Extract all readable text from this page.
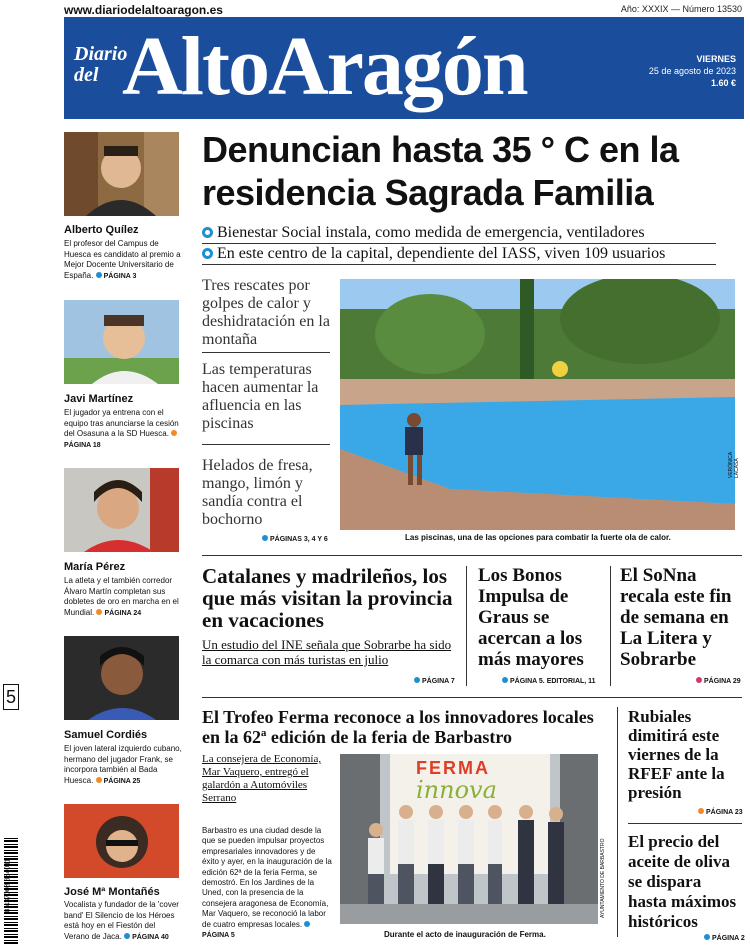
www.diariodelaltoaragon.es	Año: XXXIX — Número 13530
Diario
del AltoAragón	VIERNES
25 de agosto de 2023
1.60 €
Alberto Quílez
El profesor del Campus de Huesca es candidato al premio a Mejor Docente Universitario de España. PÁGINA 3
Javi Martínez
El jugador ya entrena con el equipo tras anunciarse la cesión del Osasuna a la SD Huesca. PÁGINA 18
María Pérez
La atleta y el también corredor Álvaro Martín completan sus dobletes de oro en marcha en el Mundial. PÁGINA 24
Samuel Cordiés
El joven lateral izquierdo cubano, hermano del jugador Frank, se incorpora también al Bada Huesca. PÁGINA 25
José Mª Montañés
Vocalista y fundador de la 'cover band' El Silencio de los Héroes está hoy en el Fiestón del Verano de Jaca. PÁGINA 40
5
8 437008 334011
Denuncian hasta 35 ° C en la residencia Sagrada Familia
Bienestar Social instala, como medida de emergencia, ventiladores
En este centro de la capital, dependiente del IASS, viven 109 usuarios
Tres rescates por golpes de calor y deshidratación en la montaña
Las temperaturas hacen aumentar la afluencia en las piscinas
Helados de fresa, mango, limón y sandía contra el bochorno
PÁGINAS 3, 4 Y 6
VERÓNICA LACASA
Las piscinas, una de las opciones para combatir la fuerte ola de calor.
Catalanes y madrileños, los que más visitan la provincia en vacaciones
Un estudio del INE señala que Sobrarbe ha sido la comarca con más turistas en julio
PÁGINA 7
Los Bonos Impulsa de Graus se acercan a los más mayores
PÁGINA 5. EDITORIAL, 11
El SoNna recala este fin de semana en La Litera y Sobrarbe
PÁGINA 29
El Trofeo Ferma reconoce a los innovadores locales en la 62ª edición de la feria de Barbastro
La consejera de Economía, Mar Vaquero, entregó el galardón a Automóviles Serrano
Barbastro es una ciudad desde la que se pueden impulsar proyectos empresariales innovadores y de éxito y ayer, en la inauguración de la edición 62ª de la feria Ferma, se demostró. En los Jardines de la Uned, con la presencia de la consejera aragonesa de Economía, Mar Vaquero, se reconoció la labor de cuatro empresas locales. PÁGINA 5
FERMA
innova
AYUNTAMIENTO DE BARBASTRO
Durante el acto de inauguración de Ferma.
Rubiales dimitirá este viernes de la RFEF ante la presión
PÁGINA 23
El precio del aceite de oliva se dispara hasta máximos históricos
PÁGINA 2
